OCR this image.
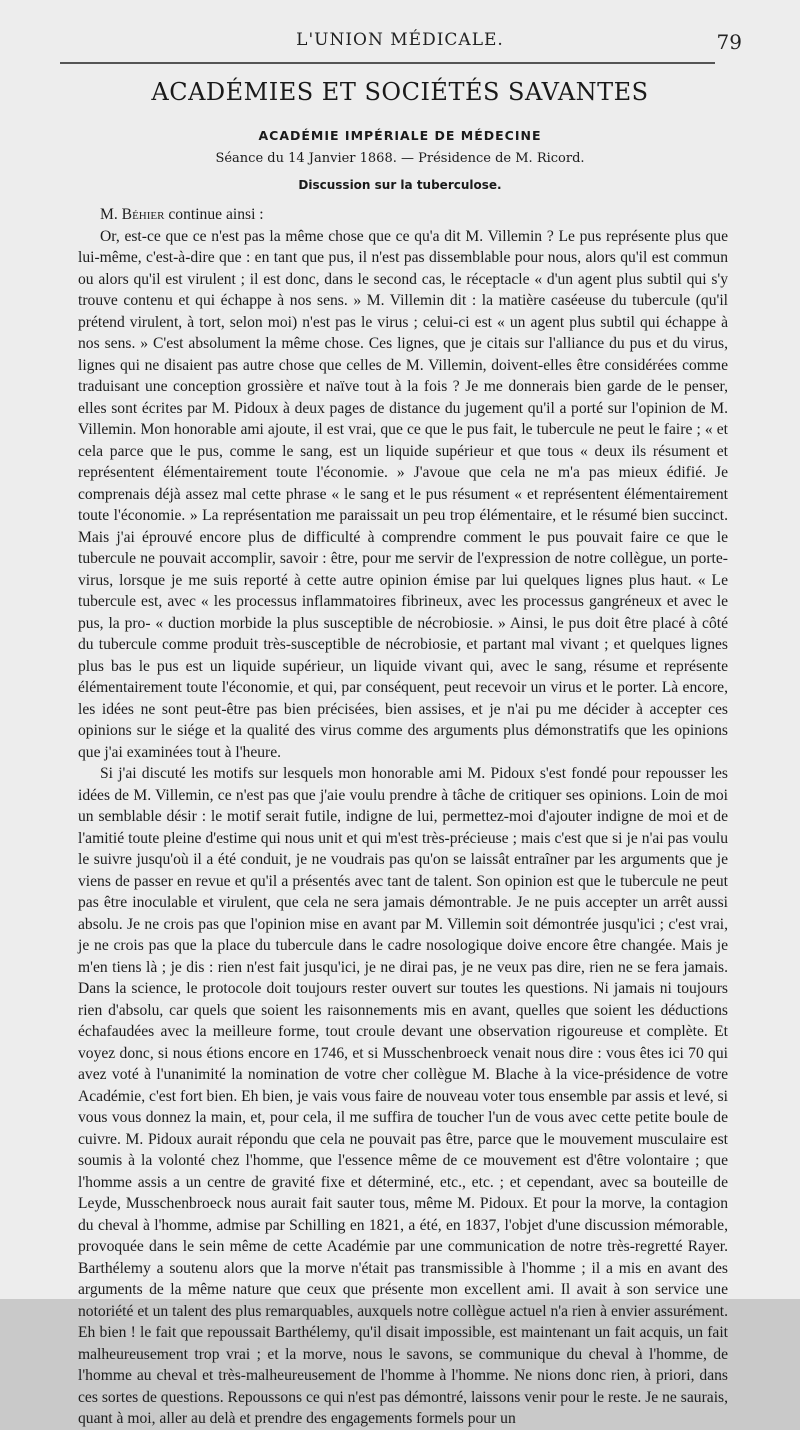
L'UNION MÉDICALE.	79
ACADÉMIES ET SOCIÉTÉS SAVANTES
ACADÉMIE IMPÉRIALE DE MÉDECINE
Séance du 14 Janvier 1868. — Présidence de M. Ricord.
Discussion sur la tuberculose.

M. Béhier continue ainsi :

Or, est-ce que ce n'est pas la même chose que ce qu'a dit M. Villemin ? Le pus représente plus que lui-même, c'est-à-dire que : en tant que pus, il n'est pas dissemblable pour nous, alors qu'il est commun ou alors qu'il est virulent ; il est donc, dans le second cas, le réceptacle « d'un agent plus subtil qui s'y trouve contenu et qui échappe à nos sens. » M. Villemin dit : la matière caséeuse du tubercule (qu'il prétend virulent, à tort, selon moi) n'est pas le virus ; celui-ci est « un agent plus subtil qui échappe à nos sens. » C'est absolument la même chose. Ces lignes, que je citais sur l'alliance du pus et du virus, lignes qui ne disaient pas autre chose que celles de M. Villemin, doivent-elles être considérées comme traduisant une conception grossière et naïve tout à la fois ? Je me donnerais bien garde de le penser, elles sont écrites par M. Pidoux à deux pages de distance du jugement qu'il a porté sur l'opinion de M. Villemin. Mon honorable ami ajoute, il est vrai, que ce que le pus fait, le tubercule ne peut le faire ; « et cela parce que le pus, comme le sang, est un liquide supérieur et que tous « deux ils résument et représentent élémentairement toute l'économie. » J'avoue que cela ne m'a pas mieux édifié. Je comprenais déjà assez mal cette phrase « le sang et le pus résument « et représentent élémentairement toute l'économie. » La représentation me paraissait un peu trop élémentaire, et le résumé bien succinct. Mais j'ai éprouvé encore plus de difficulté à comprendre comment le pus pouvait faire ce que le tubercule ne pouvait accomplir, savoir : être, pour me servir de l'expression de notre collègue, un porte-virus, lorsque je me suis reporté à cette autre opinion émise par lui quelques lignes plus haut. « Le tubercule est, avec « les processus inflammatoires fibrineux, avec les processus gangréneux et avec le pus, la pro- « duction morbide la plus susceptible de nécrobiosie. » Ainsi, le pus doit être placé à côté du tubercule comme produit très-susceptible de nécrobiosie, et partant mal vivant ; et quelques lignes plus bas le pus est un liquide supérieur, un liquide vivant qui, avec le sang, résume et représente élémentairement toute l'économie, et qui, par conséquent, peut recevoir un virus et le porter. Là encore, les idées ne sont peut-être pas bien précisées, bien assises, et je n'ai pu me décider à accepter ces opinions sur le siége et la qualité des virus comme des arguments plus démonstratifs que les opinions que j'ai examinées tout à l'heure.

Si j'ai discuté les motifs sur lesquels mon honorable ami M. Pidoux s'est fondé pour repousser les idées de M. Villemin, ce n'est pas que j'aie voulu prendre à tâche de critiquer ses opinions. Loin de moi un semblable désir : le motif serait futile, indigne de lui, permettez-moi d'ajouter indigne de moi et de l'amitié toute pleine d'estime qui nous unit et qui m'est très-précieuse ; mais c'est que si je n'ai pas voulu le suivre jusqu'où il a été conduit, je ne voudrais pas qu'on se laissât entraîner par les arguments que je viens de passer en revue et qu'il a présentés avec tant de talent. Son opinion est que le tubercule ne peut pas être inoculable et virulent, que cela ne sera jamais démontrable. Je ne puis accepter un arrêt aussi absolu. Je ne crois pas que l'opinion mise en avant par M. Villemin soit démontrée jusqu'ici ; c'est vrai, je ne crois pas que la place du tubercule dans le cadre nosologique doive encore être changée. Mais je m'en tiens là ; je dis : rien n'est fait jusqu'ici, je ne dirai pas, je ne veux pas dire, rien ne se fera jamais. Dans la science, le protocole doit toujours rester ouvert sur toutes les questions. Ni jamais ni toujours rien d'absolu, car quels que soient les raisonnements mis en avant, quelles que soient les déductions échafaudées avec la meilleure forme, tout croule devant une observation rigoureuse et complète. Et voyez donc, si nous étions encore en 1746, et si Musschenbroeck venait nous dire : vous êtes ici 70 qui avez voté à l'unanimité la nomination de votre cher collègue M. Blache à la vice-présidence de votre Académie, c'est fort bien. Eh bien, je vais vous faire de nouveau voter tous ensemble par assis et levé, si vous vous donnez la main, et, pour cela, il me suffira de toucher l'un de vous avec cette petite boule de cuivre. M. Pidoux aurait répondu que cela ne pouvait pas être, parce que le mouvement musculaire est soumis à la volonté chez l'homme, que l'essence même de ce mouvement est d'être volontaire ; que l'homme assis a un centre de gravité fixe et déterminé, etc., etc. ; et cependant, avec sa bouteille de Leyde, Musschenbroeck nous aurait fait sauter tous, même M. Pidoux. Et pour la morve, la contagion du cheval à l'homme, admise par Schilling en 1821, a été, en 1837, l'objet d'une discussion mémorable, provoquée dans le sein même de cette Académie par une communication de notre très-regretté Rayer. Barthélemy a soutenu alors que la morve n'était pas transmissible à l'homme ; il a mis en avant des arguments de la même nature que ceux que présente mon excellent ami. Il avait à son service une notoriété et un talent des plus remarquables, auxquels notre collègue actuel n'a rien à envier assurément. Eh bien ! le fait que repoussait Barthélemy, qu'il disait impossible, est maintenant un fait acquis, un fait malheureusement trop vrai ; et la morve, nous le savons, se communique du cheval à l'homme, de l'homme au cheval et très-malheureusement de l'homme à l'homme. Ne nions donc rien, à priori, dans ces sortes de questions. Repoussons ce qui n'est pas démontré, laissons venir pour le reste. Je ne saurais, quant à moi, aller au delà et prendre des engagements formels pour un
